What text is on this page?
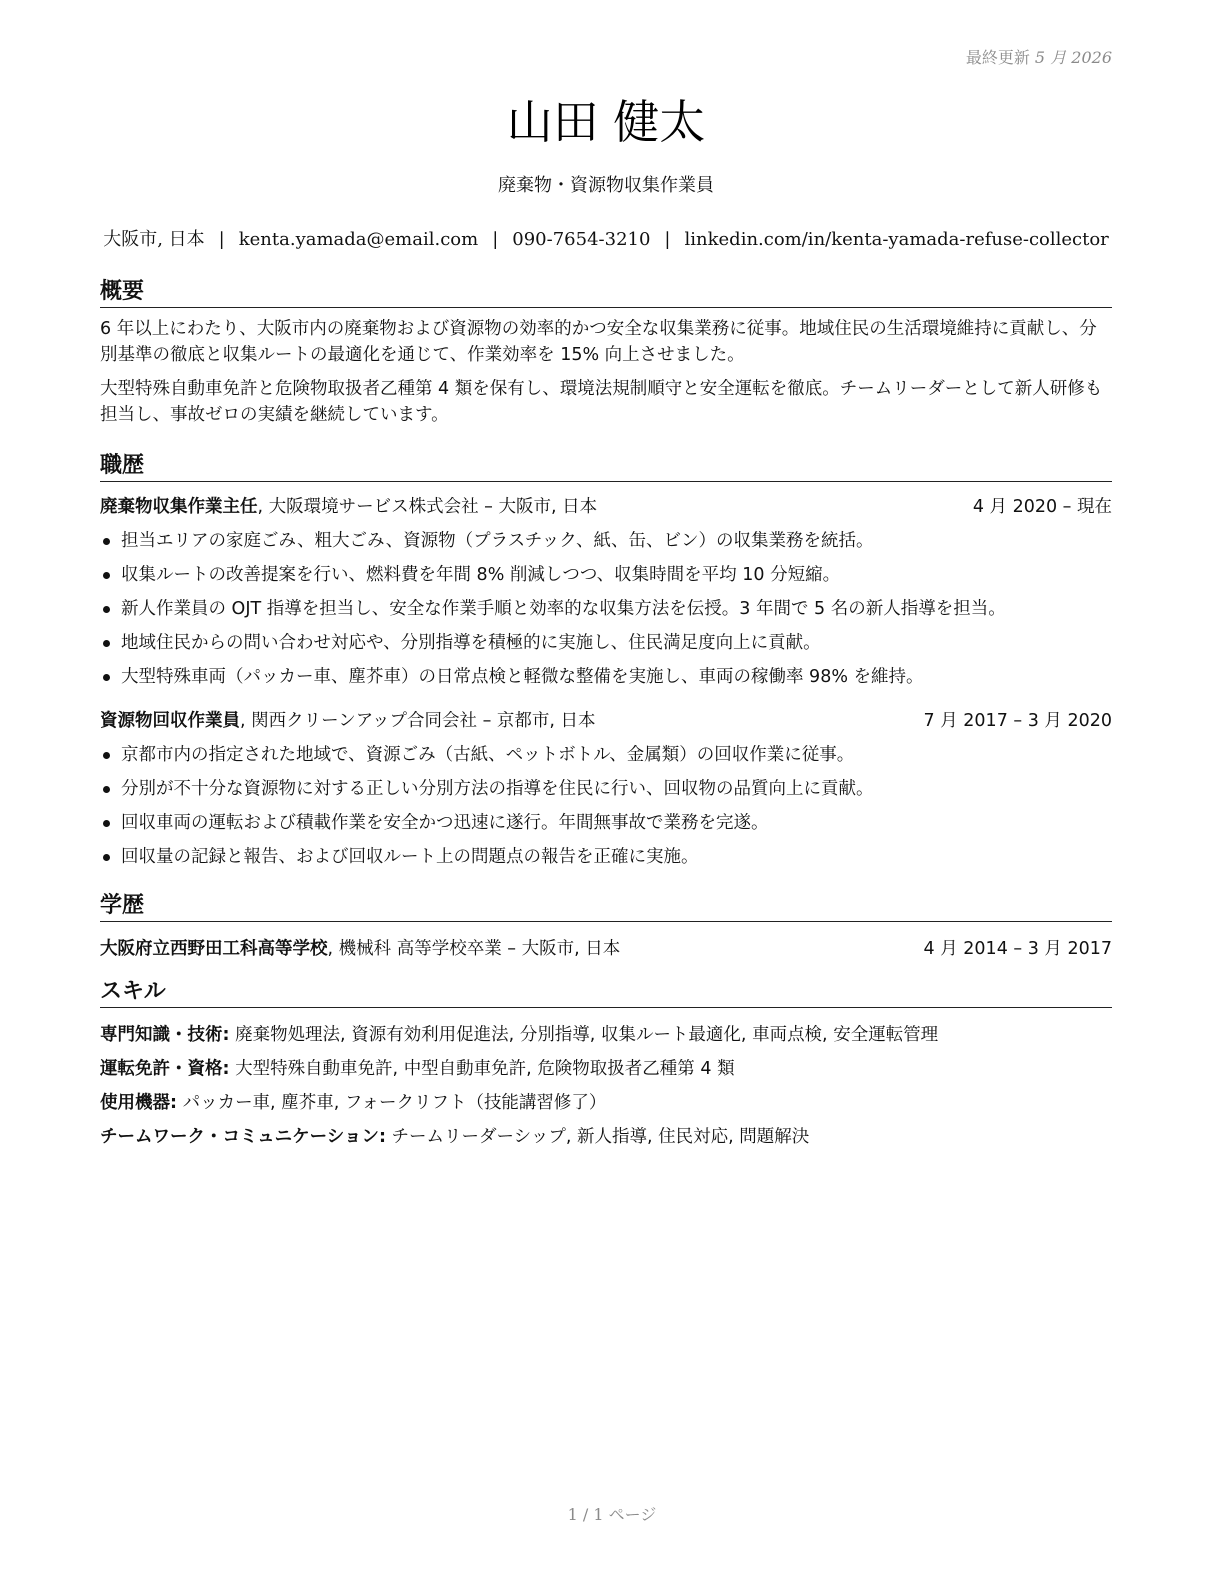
最終更新 5 月 2026
山田 健太
廃棄物・資源物収集作業員
大阪市, 日本 | kenta.yamada@email.com | 090-7654-3210 | linkedin.com/in/kenta-yamada-refuse-collector
概要

6 年以上にわたり、大阪市内の廃棄物および資源物の効率的かつ安全な収集業務に従事。地域住民の生活環境維持に貢献し、分別基準の徹底と収集ルートの最適化を通じて、作業効率を 15% 向上させました。

大型特殊自動車免許と危険物取扱者乙種第 4 類を保有し、環境法規制順守と安全運転を徹底。チームリーダーとして新人研修も担当し、事故ゼロの実績を継続しています。

職歴
廃棄物収集作業主任, 大阪環境サービス株式会社 – 大阪市, 日本	4 月 2020 – 現在
担当エリアの家庭ごみ、粗大ごみ、資源物（プラスチック、紙、缶、ビン）の収集業務を統括。
収集ルートの改善提案を行い、燃料費を年間 8% 削減しつつ、収集時間を平均 10 分短縮。
新人作業員の OJT 指導を担当し、安全な作業手順と効率的な収集方法を伝授。3 年間で 5 名の新人指導を担当。
地域住民からの問い合わせ対応や、分別指導を積極的に実施し、住民満足度向上に貢献。
大型特殊車両（パッカー車、塵芥車）の日常点検と軽微な整備を実施し、車両の稼働率 98% を維持。
資源物回収作業員, 関西クリーンアップ合同会社 – 京都市, 日本	7 月 2017 – 3 月 2020
京都市内の指定された地域で、資源ごみ（古紙、ペットボトル、金属類）の回収作業に従事。
分別が不十分な資源物に対する正しい分別方法の指導を住民に行い、回収物の品質向上に貢献。
回収車両の運転および積載作業を安全かつ迅速に遂行。年間無事故で業務を完遂。
回収量の記録と報告、および回収ルート上の問題点の報告を正確に実施。
学歴
大阪府立西野田工科高等学校, 機械科 高等学校卒業 – 大阪市, 日本	4 月 2014 – 3 月 2017
スキル
専門知識・技術: 廃棄物処理法, 資源有効利用促進法, 分別指導, 収集ルート最適化, 車両点検, 安全運転管理
運転免許・資格: 大型特殊自動車免許, 中型自動車免許, 危険物取扱者乙種第 4 類
使用機器: パッカー車, 塵芥車, フォークリフト（技能講習修了）
チームワーク・コミュニケーション: チームリーダーシップ, 新人指導, 住民対応, 問題解決
1 / 1 ページ
